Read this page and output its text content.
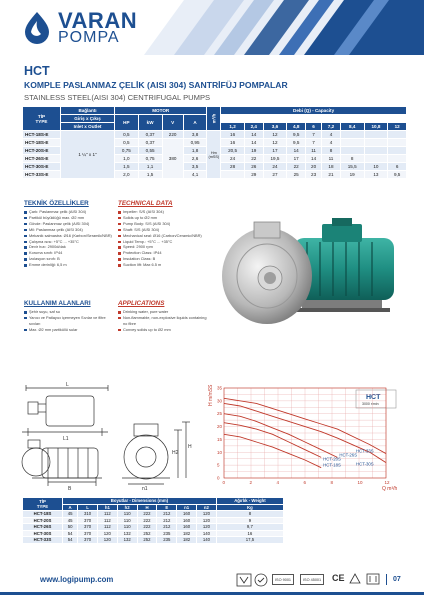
VARAN
POMPA
HCT
KOMPLE PASLANMAZ ÇELİK (AISI 304) SANTRİFÜJ POMPALAR
STAINLESS STEEL(AISI 304) CENTRIFUGAL PUMPS
TİP
TYPE	Bağlantı	MOTOR				m³/h	Debi (Q) - Capacity								
	Giriş x Çıkış	HP	kW	V	A										
	Inlet x Outlet						1,2	2,4	3,6	4,8	6	7,2	8,4	10,8	12
HCT-18S-E	1 ¼" x 1"	0,5	0,37	220	3,8	Hm (mSS)	16	14	12	9,5	7	4			
HCT-18S-E		0,5	0,37	380	0,95		16	14	12	9,5	7	4			
HCT-20S-E		0,75	0,55		1,8		20,5	19	17	14	11	8			
HCT-26S-E		1,0	0,75		2,6		24	22	19,5	17	14	11	8		
HCT-30S-E		1,5	1,1		3,5		28	26	24	22	20	18	15,5	10	6
HCT-33S-E		2,0	1,5		4,1			29	27	25	23	21	19	13	9,5
TEKNİK ÖZELLİKLER
Çark: Paslanmaz çelik (AISI 304)
Partikül büyüklüğü max. Ø2 mm
Gövde: Paslanmaz çelik (AISI 304)
Mil: Paslanmaz çelik (AISI 304)
Mekanik salmastra: Ø16 (Karbon/Seramik/NBR)
Çalışma ısısı: +5°C ... +35°C
Devir hızı: 2900d/dak
Koruma sınıfı: IP44
İzolasyon sınıfı: B
Emme derinliği: 6,5 m
TECHNICAL DATA
Impeller: S/S (AISI 304)
Solids up to Ø2 mm
Pump Body: S/S (AISI 304)
Shaft: S/S (AISI 304)
Mechanical seal: Ø16 (Carbon/Ceramic/NBR)
Liquid Temp.: +5°C ... +35°C
Speed: 2900 rpm
Protection Class: IP44
Insulation Class: B
Suction lift: Max 6.5 m
KULLANIM ALANLARI
Şehir suyu, saf su
Yanıcı ve Patlayıcı içermeyen Sıvılar ve filtre sıvıları
Max. Ø2 mm partiküllü sular
APPLICATIONS
Drinking water, pure water
Non-flammable, non-explosive liquids containing no fibre
Convey solids up to Ø2 mm
L
L1
H
H2
n1
B
H m/mSS
Q m³/h
HCT
3000 r/min
0	2	4	6	8	10	12
0
5
10
15
20
25
30
35
HCT-18S
HCT-20S
HCT-26S
HCT-30S
HCT-33S
TİP
TYPE	Boyutlar - Dimensions (mm)								Ağırlık - Weight
	A	L	h1	h2	H	E	n1	n2	Kg
HCT-18S	45	310	112	110	222	212	160	120	8
HCT-20S	45	370	112	110	222	212	160	120	9
HCT-26S	50	370	112	110	222	212	160	120	9,7
HCT-30S	54	370	120	132	252	235	182	140	16
HCT-33S	54	370	120	132	252	235	182	140	17,5
www.logipump.com	ISO 9001	ISO 45001	CE	07
